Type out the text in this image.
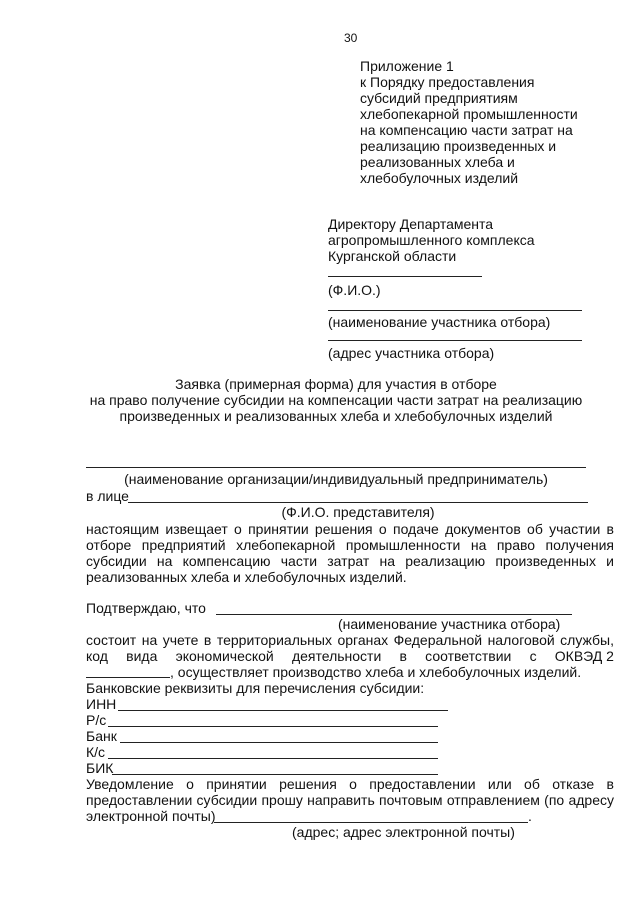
30
Приложение 1
к Порядку предоставления
субсидий предприятиям
хлебопекарной промышленности
на компенсацию части затрат на
реализацию произведенных и
реализованных хлеба и
хлебобулочных изделий
Директору Департамента
агропромышленного комплекса
Курганской области
(Ф.И.О.)
(наименование участника отбора)
(адрес участника отбора)
Заявка (примерная форма) для участия в отборе
на право получение субсидии на компенсации части затрат на реализацию
произведенных и реализованных хлеба и хлебобулочных изделий
(наименование организации/индивидуальный предприниматель)
в лице
(Ф.И.О. представителя)
настоящим извещает о принятии решения о подаче документов об участии в
отборе предприятий хлебопекарной промышленности на право получения
субсидии на компенсацию части затрат на реализацию произведенных и
реализованных хлеба и хлебобулочных изделий.
Подтверждаю, что
(наименование участника отбора)
состоит на учете в территориальных органах Федеральной налоговой службы,
код вида экономической деятельности в соответствии с ОКВЭД 2
, осуществляет производство хлеба и хлебобулочных изделий.
Банковские реквизиты для перечисления субсидии:
ИНН
Р/с
Банк
К/с
БИК
Уведомление о принятии решения о предоставлении или об отказе в
предоставлении субсидии прошу направить почтовым отправлением (по адресу
электронной почты)	.
(адрес; адрес электронной почты)
